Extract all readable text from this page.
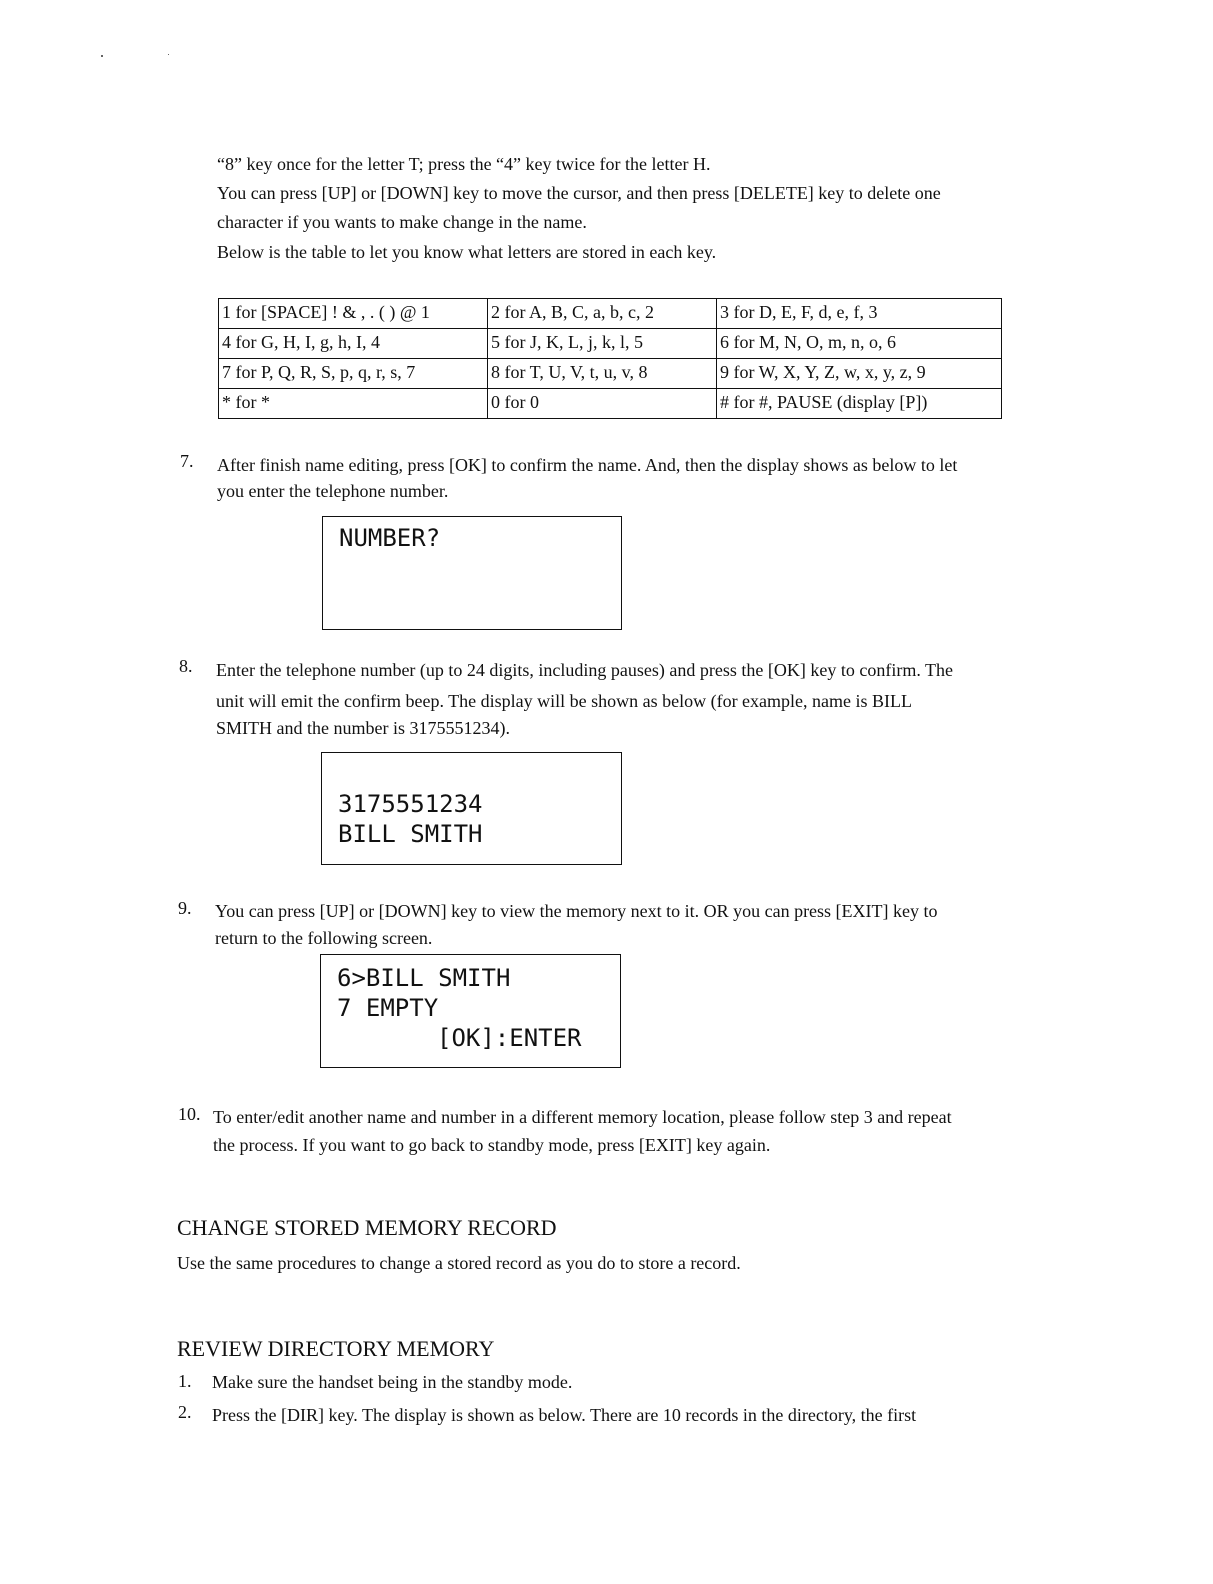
“8” key once for the letter T; press the “4” key twice for the letter H.

You can press [UP] or [DOWN] key to move the cursor, and then press [DELETE] key to delete one

character if you wants to make change in the name.

Below is the table to let you know what letters are stored in each key.

1 for [SPACE] ! & , . ( ) @ 1	2 for A, B, C, a, b, c, 2	3 for D, E, F, d, e, f, 3
4 for G, H, I, g, h, I, 4	5 for J, K, L, j, k, l, 5	6 for M, N, O, m, n, o, 6
7 for P, Q, R, S, p, q, r, s, 7	8 for T, U, V, t, u, v, 8	9 for W, X, Y, Z, w, x, y, z, 9
* for *	0 for 0	# for #, PAUSE (display [P])
7. After finish name editing, press [OK] to confirm the name. And, then the display shows as below to let

you enter the telephone number.

NUMBER?
8. Enter the telephone number (up to 24 digits, including pauses) and press the [OK] key to confirm. The

unit will emit the confirm beep. The display will be shown as below (for example, name is BILL

SMITH and the number is 3175551234).

3175551234
BILL SMITH
9. You can press [UP] or [DOWN] key to view the memory next to it. OR you can press [EXIT] key to

return to the following screen.

6>BILL SMITH
7 EMPTY
[OK]:ENTER
10. To enter/edit another name and number in a different memory location, please follow step 3 and repeat

the process. If you want to go back to standby mode, press [EXIT] key again.

CHANGE STORED MEMORY RECORD

Use the same procedures to change a stored record as you do to store a record.

REVIEW DIRECTORY MEMORY
1. Make sure the handset being in the standby mode.

2. Press the [DIR] key. The display is shown as below. There are 10 records in the directory, the first
